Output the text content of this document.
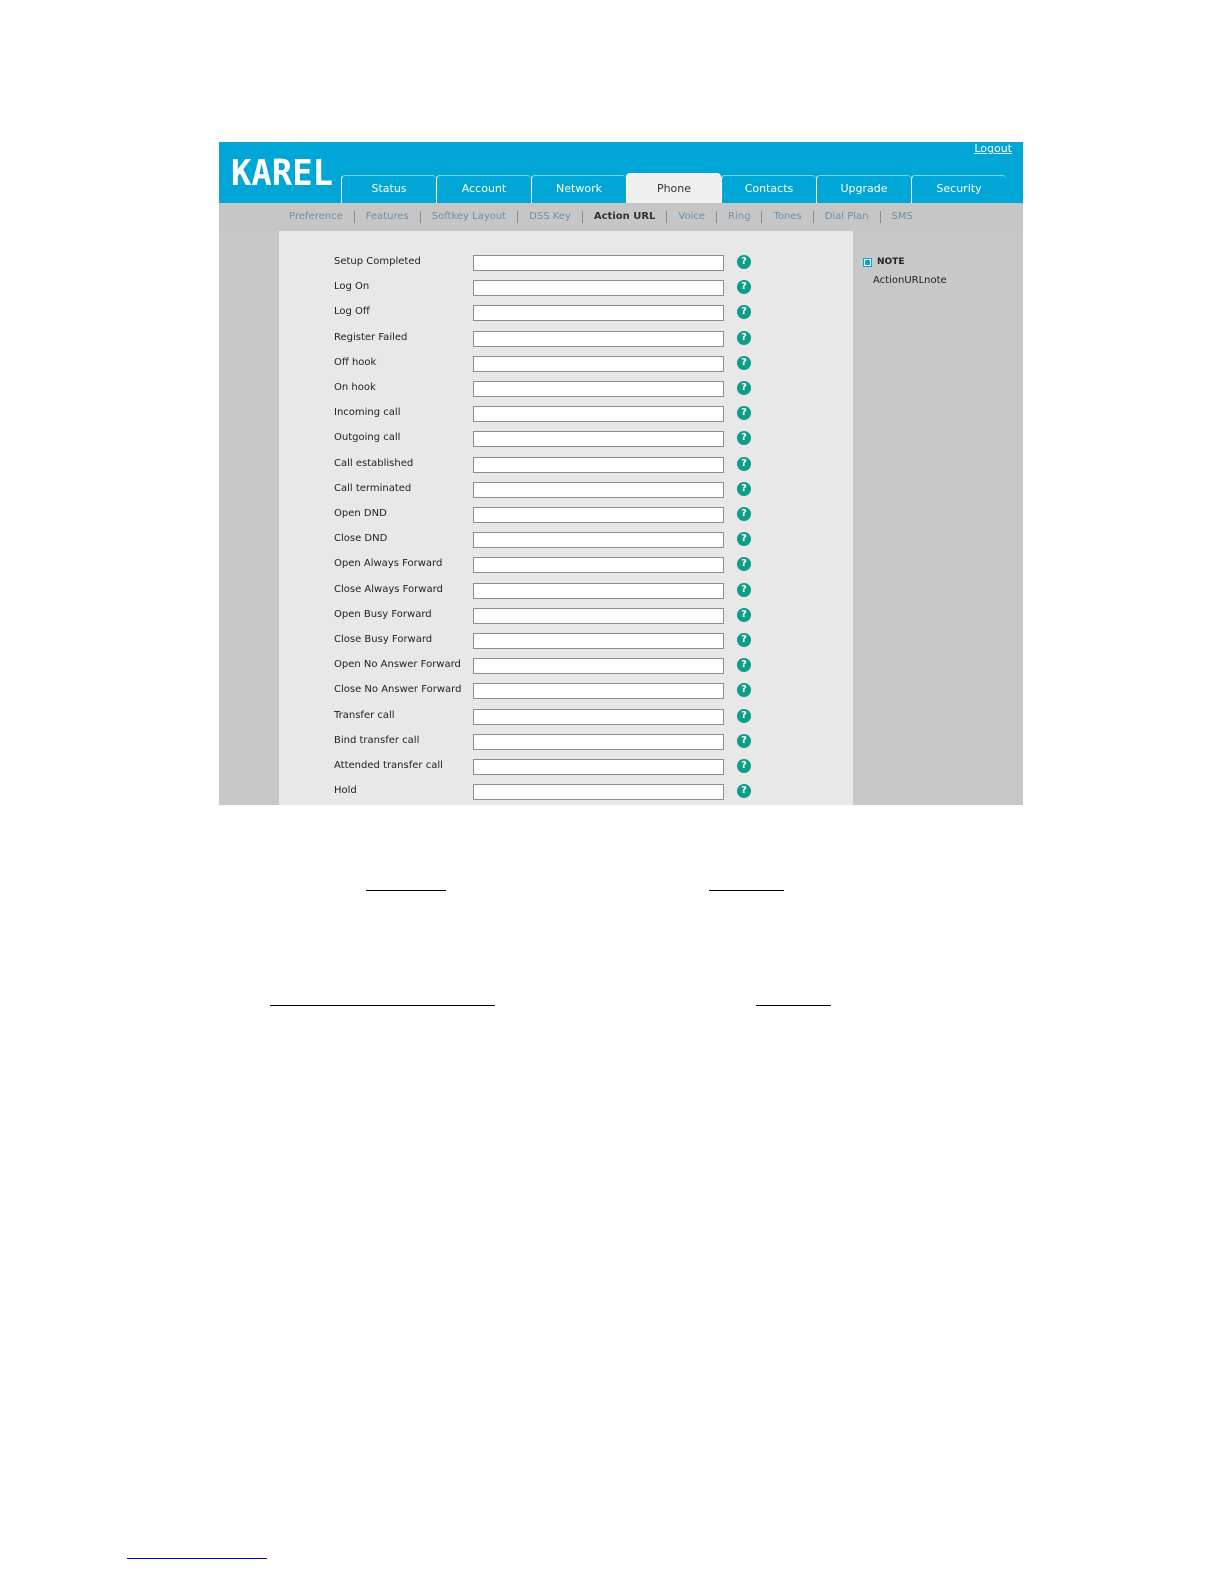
KAREL
Logout
Status	Account	Network	Phone	Contacts	Upgrade	Security
Preference	Features	Softkey Layout	DSS Key	Action URL	Voice	Ring	Tones	Dial Plan	SMS
Setup Completed	?
Log On	?
Log Off	?
Register Failed	?
Off hook	?
On hook	?
Incoming call	?
Outgoing call	?
Call established	?
Call terminated	?
Open DND	?
Close DND	?
Open Always Forward	?
Close Always Forward	?
Open Busy Forward	?
Close Busy Forward	?
Open No Answer Forward	?
Close No Answer Forward	?
Transfer call	?
Bind transfer call	?
Attended transfer call	?
Hold	?
NOTE
ActionURLnote
